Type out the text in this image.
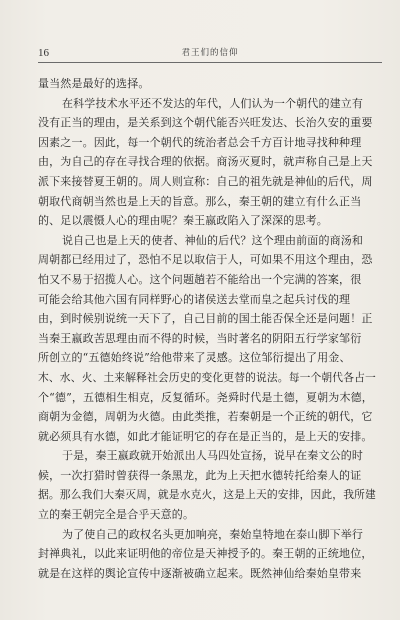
16	君王们的信仰

量当然是最好的选择。

在科学技术水平还不发达的年代，人们认为一个朝代的建立有
没有正当的理由，是关系到这个朝代能否兴旺发达、长治久安的重要
因素之一。因此，每一个朝代的统治者总会千方百计地寻找种种理
由，为自己的存在寻找合理的依据。商汤灭夏时，就声称自己是上天
派下来接替夏王朝的。周人则宣称：自己的祖先就是神仙的后代，周
朝取代商朝当然也是上天的旨意。那么，秦王朝的建立有什么正当
的、足以震慑人心的理由呢？秦王嬴政陷入了深深的思考。

说自己也是上天的使者、神仙的后代？这个理由前面的商汤和
周朝都已经用过了，恐怕不足以取信于人，可如果不用这个理由，恐
怕又不易于招揽人心。这个问题趟若不能给出一个完满的答案，很
可能会给其他六国有同样野心的诸侯送去堂而皇之起兵讨伐的理
由，到时候别说统一天下了，自己目前的国土能否保全还是问题！正
当秦王嬴政苦思理由而不得的时候，当时著名的阴阳五行学家邹衍
所创立的“五德始终说”给他带来了灵感。这位邹衍提出了用金、
木、水、火、土来解释社会历史的变化更替的说法。每一个朝代各占一
个“德”，五德相生相克，反复循环。尧舜时代是土德，夏朝为木德，
商朝为金德，周朝为火德。由此类推，若秦朝是一个正统的朝代，它
就必须具有水德，如此才能证明它的存在是正当的，是上天的安排。

于是，秦王嬴政就开始派出人马四处宣扬，说早在秦文公的时
候，一次打猎时曾获得一条黑龙，此为上天把水德转托给秦人的证
据。那么我们大秦灭周，就是水克火，这是上天的安排，因此，我所建
立的秦王朝完全是合乎天意的。

为了使自己的政权名头更加响亮，秦始皇特地在泰山脚下举行
封禅典礼，以此来证明他的帝位是天神授予的。秦王朝的正统地位，
就是在这样的舆论宣传中逐渐被确立起来。既然神仙给秦始皇带来
